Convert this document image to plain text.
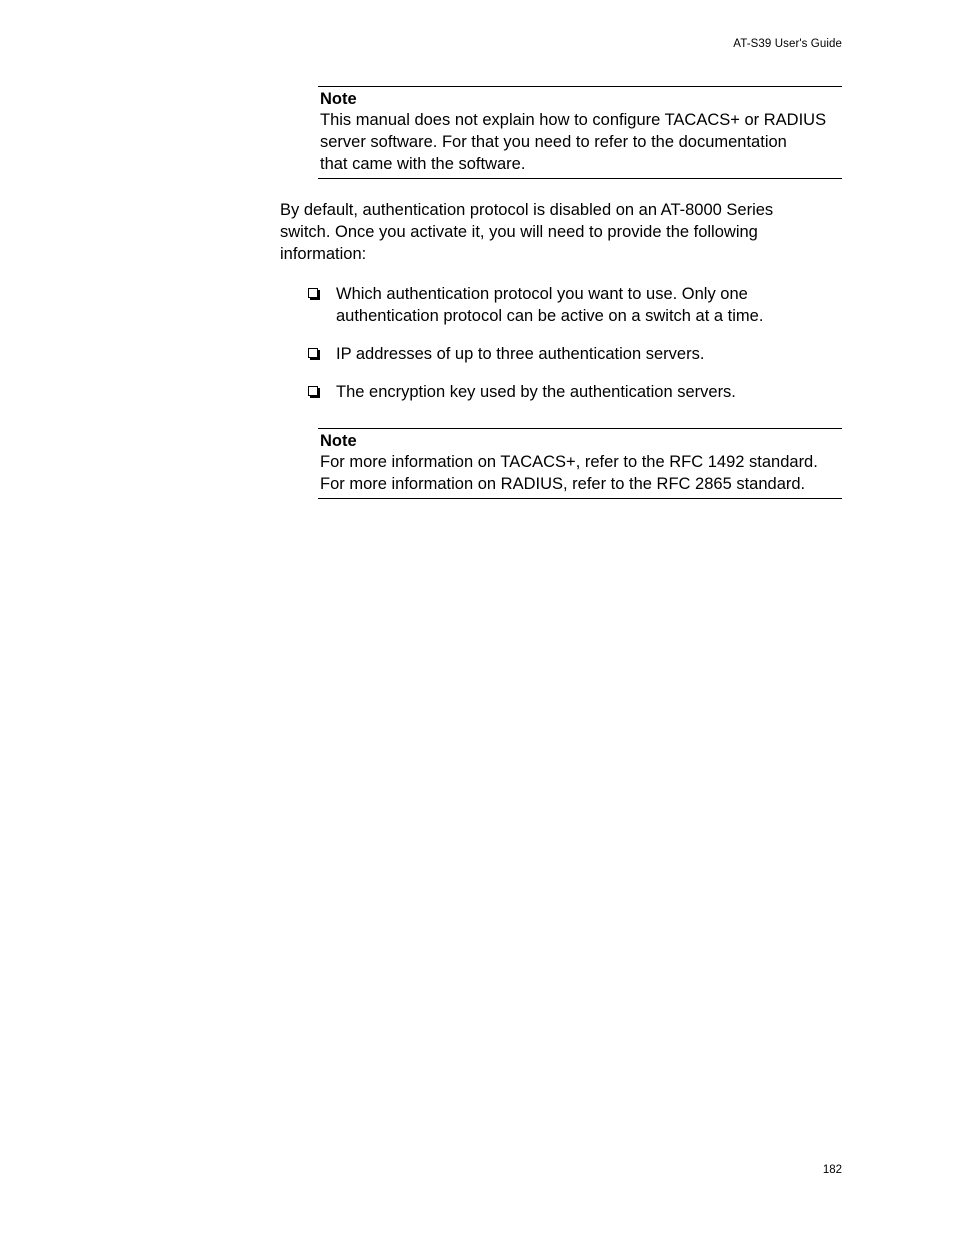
AT-S39 User's Guide
Note
This manual does not explain how to configure TACACS+ or RADIUS
server software. For that you need to refer to the documentation
that came with the software.
By default, authentication protocol is disabled on an AT-8000 Series
switch. Once you activate it, you will need to provide the following
information:
Which authentication protocol you want to use. Only one
authentication protocol can be active on a switch at a time.
IP addresses of up to three authentication servers.
The encryption key used by the authentication servers.
Note
For more information on TACACS+, refer to the RFC 1492 standard.
For more information on RADIUS, refer to the RFC 2865 standard.
182
